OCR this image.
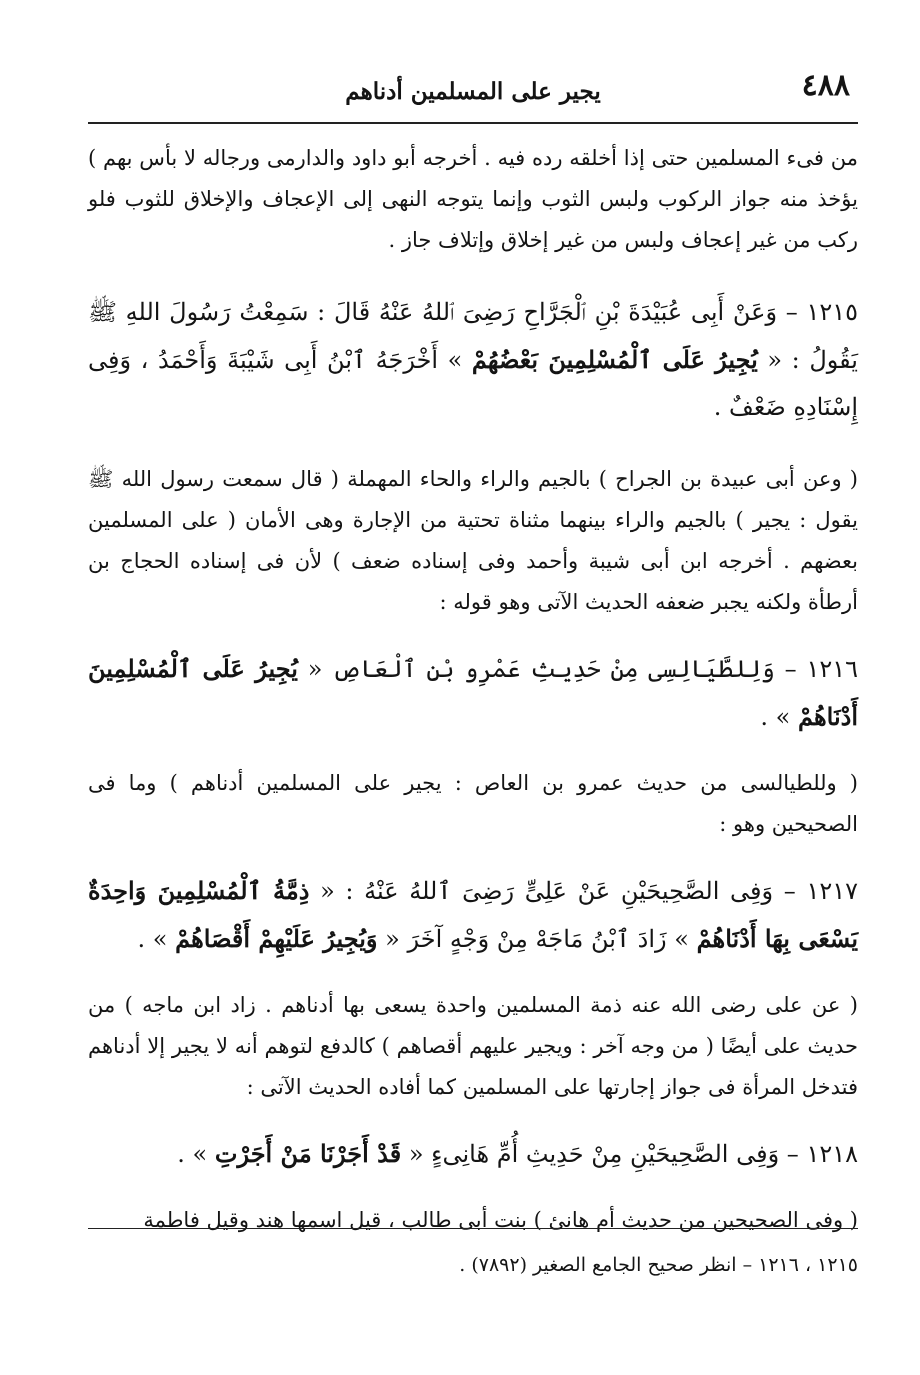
٤٨٨
يجير على المسلمين أدناهم

من فىء المسلمين حتى إذا أخلقه رده فيه . أخرجه أبو داود والدارمى ورجاله لا بأس بهم ) يؤخذ منه جواز الركوب ولبس الثوب وإنما يتوجه النهى إلى الإعجاف والإخلاق للثوب فلو ركب من غير إعجاف ولبس من غير إخلاق وإتلاف جاز .

١٢١٥ – وَعَنْ أَبِى عُبَيْدَةَ بْنِ ٱلْجَرَّاحِ رَضِىَ ٱللهُ عَنْهُ قَالَ : سَمِعْتُ رَسُولَ اللهِ ﷺ يَقُولُ : « يُجِيرُ عَلَى ٱلْمُسْلِمِينَ بَعْضُهُمْ » أَخْرَجَهُ ٱبْنُ أَبِى شَيْبَةَ وَأَحْمَدُ ، وَفِى إِسْنَادِهِ ضَعْفٌ .

( وعن أبى عبيدة بن الجراح ) بالجيم والراء والحاء المهملة ( قال سمعت رسول الله ﷺ يقول : يجير ) بالجيم والراء بينهما مثناة تحتية من الإجارة وهى الأمان ( على المسلمين بعضهم . أخرجه ابن أبى شيبة وأحمد وفى إسناده ضعف ) لأن فى إسناده الحجاج بن أرطأة ولكنه يجبر ضعفه الحديث الآتى وهو قوله :

١٢١٦ – وَلِلطَّيَالِسِى مِنْ حَدِيثِ عَمْرِو بْنِ ٱلْعَاصِ « يُجِيرُ عَلَى ٱلْمُسْلِمِينَ أَدْنَاهُمْ » .

( وللطيالسى من حديث عمرو بن العاص : يجير على المسلمين أدناهم ) وما فى الصحيحين وهو :

١٢١٧ – وَفِى الصَّحِيحَيْنِ عَنْ عَلِىٍّ رَضِىَ ٱللهُ عَنْهُ : « ذِمَّةُ ٱلْمُسْلِمِينَ وَاحِدَةٌ يَسْعَى بِهَا أَدْنَاهُمْ » زَادَ ٱبْنُ مَاجَهْ مِنْ وَجْهٍ آخَرَ « وَيُجِيرُ عَلَيْهِمْ أَقْصَاهُمْ » .

( عن على رضى الله عنه ذمة المسلمين واحدة يسعى بها أدناهم . زاد ابن ماجه ) من حديث على أيضًا ( من وجه آخر : ويجير عليهم أقصاهم ) كالدفع لتوهم أنه لا يجير إلا أدناهم فتدخل المرأة فى جواز إجارتها على المسلمين كما أفاده الحديث الآتى :

١٢١٨ – وَفِى الصَّحِيحَيْنِ مِنْ حَدِيثِ أُمِّ هَانِىءٍ « قَدْ أَجَرْنَا مَنْ أَجَرْتِ » .

( وفى الصحيحين من حديث أم هانئ ) بنت أبى طالب ، قيل اسمها هند وقيل فاطمة

١٢١٥ ، ١٢١٦ – انظر صحيح الجامع الصغير (٧٨٩٢) .
